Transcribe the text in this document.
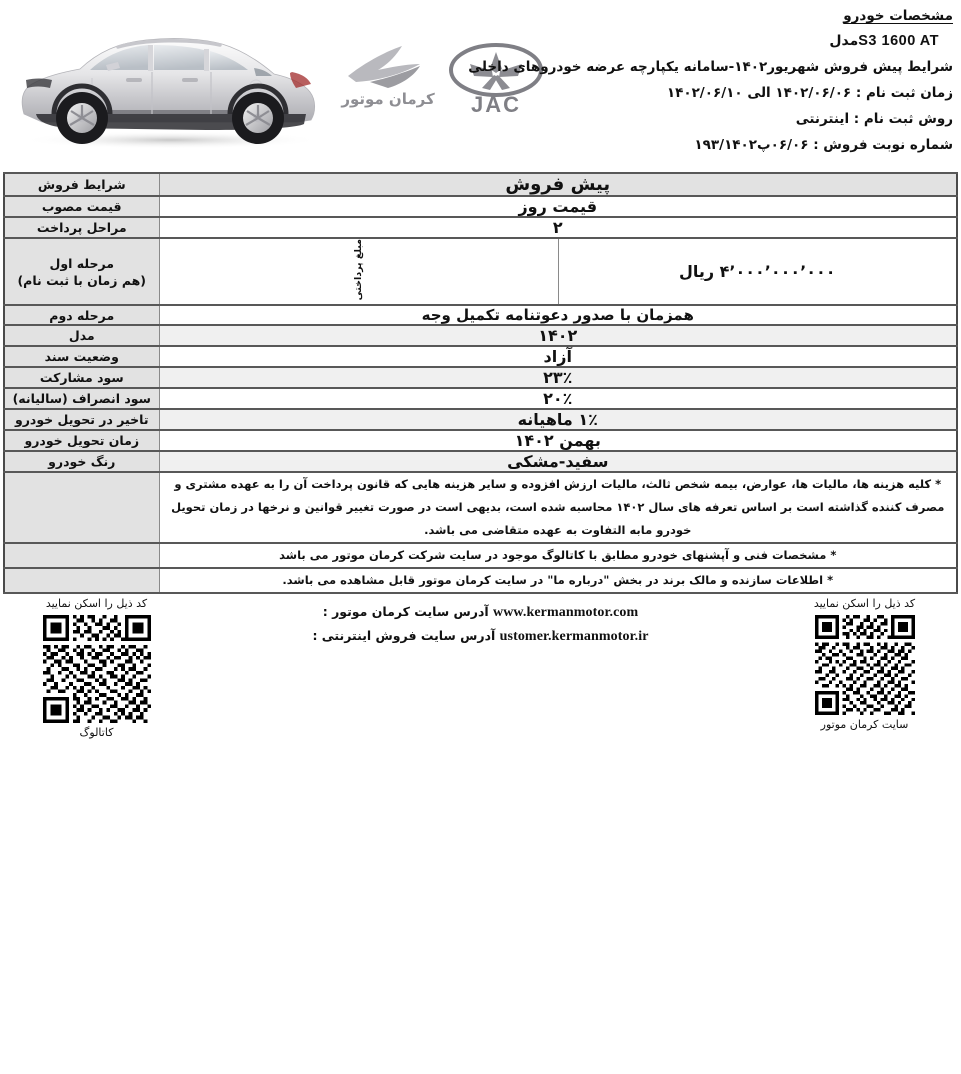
کرمان موتور JAC
مشخصات خودرو
S3 1600 ATمدل
شرایط پیش فروش شهریور۱۴۰۲-سامانه یکپارچه عرضه خودروهای داخلی
زمان ثبت نام : ۱۴۰۲/۰۶/۰۶ الی ۱۴۰۲/۰۶/۱۰
روش ثبت نام : اینترنتی
شماره نوبت فروش : ۰۶/۰۶پ۱۹۳/۱۴۰۲
پیش فروش		شرایط فروش
قیمت روز		قیمت مصوب
۲		مراحل پرداخت
۴٬۰۰۰٬۰۰۰٬۰۰۰ ریال	مبلغ پرداختی	مرحله اول
(هم زمان با ثبت نام)

همزمان با صدور دعوتنامه تکمیل وجه		مرحله دوم
۱۴۰۲		مدل
آزاد		وضعیت سند
۲۳٪		سود مشارکت
۲۰٪		سود انصراف (سالیانه)
۱٪ ماهیانه		تاخیر در تحویل خودرو
بهمن ۱۴۰۲		زمان تحویل خودرو
سفید-مشکی		رنگ خودرو
* کلیه هزینه ها، مالیات ها، عوارض، بیمه شخص ثالث، مالیات ارزش افزوده و سایر هزینه هایی که قانون پرداخت آن را به عهده مشتری و مصرف کننده گذاشته است بر اساس تعرفه های سال ۱۴۰۲ محاسبه شده است، بدیهی است در صورت تغییر قوانین و نرخها در زمان تحویل خودرو مابه التفاوت به عهده متقاضی می باشد.		
* مشخصات فنی و آپشنهای خودرو مطابق با کاتالوگ موجود در سایت شرکت کرمان موتور می باشد		
* اطلاعات سازنده و مالک برند در بخش "درباره ما" در سایت کرمان موتور قابل مشاهده می باشد.		
کد ذیل را اسکن نمایید
کاتالوگ
www.kermanmotor.com آدرس سایت کرمان موتور :
ustomer.kermanmotor.ir آدرس سایت فروش اینترنتی :
کد ذیل را اسکن نمایید
سایت کرمان موتور
